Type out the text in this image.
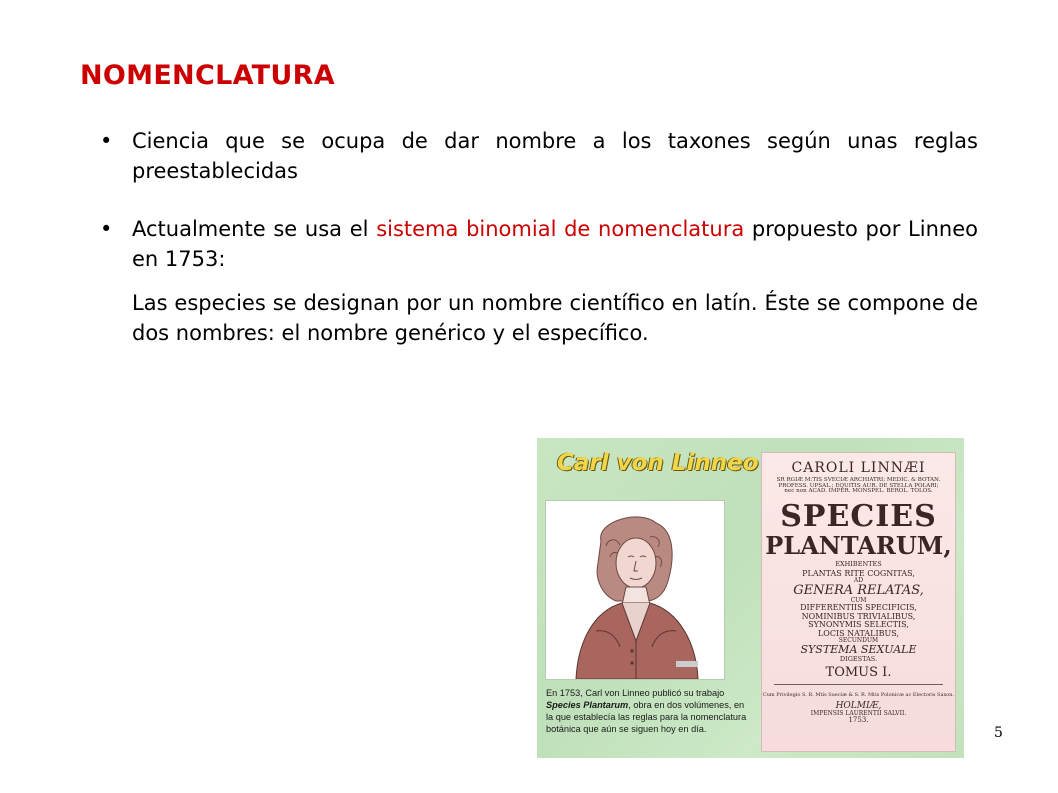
NOMENCLATURA

• Ciencia que se ocupa de dar nombre a los taxones según unas reglas preestablecidas

• Actualmente se usa el sistema binomial de nomenclatura propuesto por Linneo en 1753:

Las especies se designan por un nombre científico en latín. Éste se compone de dos nombres: el nombre genérico y el específico.

Carl von Linneo
En 1753, Carl von Linneo publicó su trabajo Species Plantarum, obra en dos volúmenes, en la que establecía las reglas para la nomenclatura botánica que aún se siguen hoy en día.
CAROLI LINNÆI
SR RGIÆ M:TIS SVECIÆ ARCHIATRI; MEDIC. & BOTAN.
PROFESS. UPSAL.; EQUITIS AUR. DE STELLA POLARI;
nec non ACAD. IMPER. MONSPEL. BEROL. TOLOS.
SPECIES
PLANTARUM,
EXHIBENTES
PLANTAS RITE COGNITAS,
AD
GENERA RELATAS,
CUM
DIFFERENTIIS SPECIFICIS,
NOMINIBUS TRIVIALIBUS,
SYNONYMIS SELECTIS,
LOCIS NATALIBUS,
SECUNDUM
SYSTEMA SEXUALE
DIGESTAS.
TOMUS I.
Cum Privilegio S. R. Mtis Sueciæ & S. R. Mtis Polonicæ ac Electoris Saxon.
HOLMIÆ,
IMPENSIS LAURENTII SALVII.
1753.
5
